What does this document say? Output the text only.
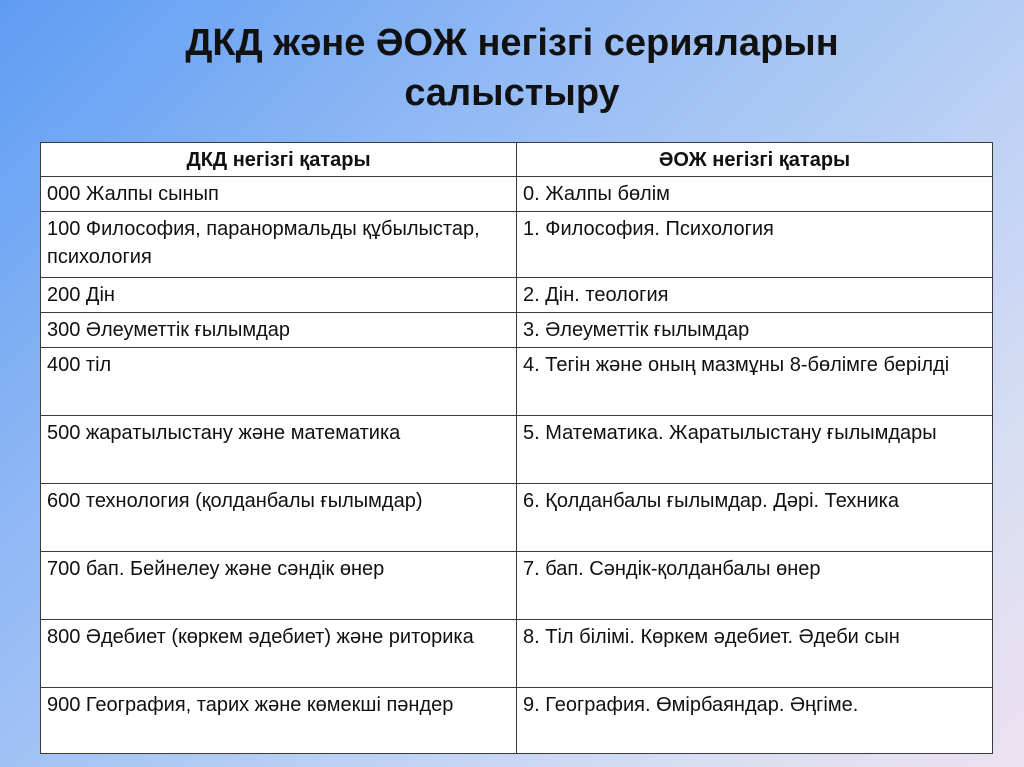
ДКД және ӘОЖ негізгі серияларын
салыстыру
ДКД негізгі қатары	ӘОЖ негізгі қатары
000 Жалпы сынып	0. Жалпы бөлім
100 Философия, паранормальды құбылыстар, психология	1. Философия. Психология
200 Дін	2. Дін. теология
300 Әлеуметтік ғылымдар	3. Әлеуметтік ғылымдар
400 тіл	4. Тегін және оның мазмұны 8-бөлімге берілді
500 жаратылыстану және математика	5. Математика. Жаратылыстану ғылымдары
600 технология (қолданбалы ғылымдар)	6. Қолданбалы ғылымдар. Дәрі. Техника
700 бап. Бейнелеу және сәндік өнер	7. бап. Сәндік-қолданбалы өнер
800 Әдебиет (көркем әдебиет) және риторика	8. Тіл білімі. Көркем әдебиет. Әдеби сын
900 География, тарих және көмекші пәндер	9. География. Өмірбаяндар. Әңгіме.
